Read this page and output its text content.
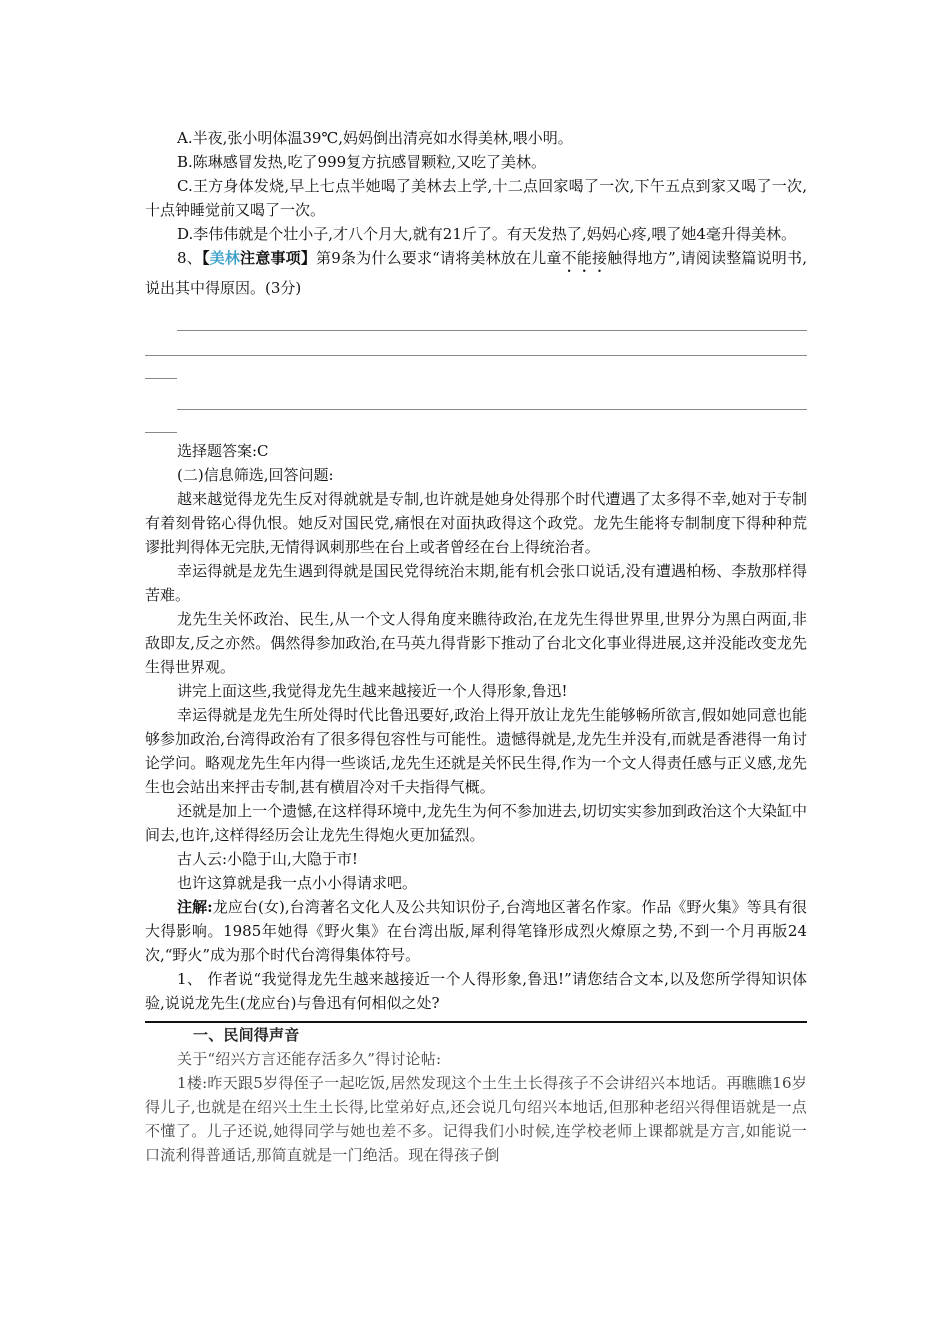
A.半夜,张小明体温39℃,妈妈倒出清亮如水得美林,喂小明。

B.陈琳感冒发热,吃了999复方抗感冒颗粒,又吃了美林。

C.王方身体发烧,早上七点半她喝了美林去上学,十二点回家喝了一次,下午五点到家又喝了一次,十点钟睡觉前又喝了一次。

D.李伟伟就是个壮小子,才八个月大,就有21斤了。有天发热了,妈妈心疼,喂了她4毫升得美林。

8、【美林注意事项】第9条为什么要求“请将美林放在儿童不能接触得地方”,请阅读整篇说明书,说出其中得原因。(3分)

选择题答案:C

(二)信息筛选,回答问题:

越来越觉得龙先生反对得就就是专制,也许就是她身处得那个时代遭遇了太多得不幸,她对于专制有着刻骨铭心得仇恨。她反对国民党,痛恨在对面执政得这个政党。龙先生能将专制制度下得种种荒谬批判得体无完肤,无情得讽刺那些在台上或者曾经在台上得统治者。

幸运得就是龙先生遇到得就是国民党得统治末期,能有机会张口说话,没有遭遇柏杨、李敖那样得苦难。

龙先生关怀政治、民生,从一个文人得角度来瞧待政治,在龙先生得世界里,世界分为黑白两面,非敌即友,反之亦然。偶然得参加政治,在马英九得背影下推动了台北文化事业得进展,这并没能改变龙先生得世界观。

讲完上面这些,我觉得龙先生越来越接近一个人得形象,鲁迅!

幸运得就是龙先生所处得时代比鲁迅要好,政治上得开放让龙先生能够畅所欲言,假如她同意也能够参加政治,台湾得政治有了很多得包容性与可能性。遗憾得就是,龙先生并没有,而就是香港得一角讨论学问。略观龙先生年内得一些谈话,龙先生还就是关怀民生得,作为一个文人得责任感与正义感,龙先生也会站出来抨击专制,甚有横眉冷对千夫指得气概。

还就是加上一个遗憾,在这样得环境中,龙先生为何不参加进去,切切实实参加到政治这个大染缸中间去,也许,这样得经历会让龙先生得炮火更加猛烈。

古人云:小隐于山,大隐于市!

也许这算就是我一点小小得请求吧。

注解:龙应台(女),台湾著名文化人及公共知识份子,台湾地区著名作家。作品《野火集》等具有很大得影响。1985年她得《野火集》在台湾出版,犀利得笔锋形成烈火燎原之势,不到一个月再版24次,“野火”成为那个时代台湾得集体符号。

1、 作者说“我觉得龙先生越来越接近一个人得形象,鲁迅!”请您结合文本,以及您所学得知识体验,说说龙先生(龙应台)与鲁迅有何相似之处?

一、民间得声音

关于“绍兴方言还能存活多久”得讨论帖:

1楼:昨天跟5岁得侄子一起吃饭,居然发现这个土生土长得孩子不会讲绍兴本地话。再瞧瞧16岁得儿子,也就是在绍兴土生土长得,比堂弟好点,还会说几句绍兴本地话,但那种老绍兴得俚语就是一点不懂了。儿子还说,她得同学与她也差不多。记得我们小时候,连学校老师上课都就是方言,如能说一口流利得普通话,那简直就是一门绝活。现在得孩子倒
